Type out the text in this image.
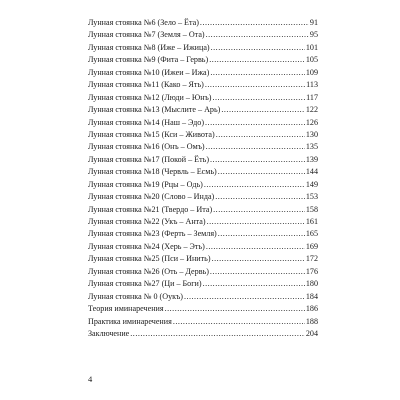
Лунная стоянка №6 (Зело – Ёта) .....	91
Лунная стоянка №7 (Земля – Ота) .....	95
Лунная стоянка №8 (Иже – Ижица) .....	101
Лунная стоянка №9 (Фита – Гервь) .....	105
Лунная стоянка №10 (Ижеи – Ижа) .....	109
Лунная стоянка №11 (Како – Ять) .....	113
Лунная стоянка №12 (Люди – Юнъ) .....	117
Лунная стоянка №13 (Мыслите – Арь) .....	122
Лунная стоянка №14 (Наш – Эдо) .....	126
Лунная стоянка №15 (Кси – Живота) .....	130
Лунная стоянка №16 (Онъ – Омъ) .....	135
Лунная стоянка №17 (Покой – Ёть) .....	139
Лунная стоянка №18 (Червль – Есмь) .....	144
Лунная стоянка №19 (Рцы – Одь) .....	149
Лунная стоянка №20 (Слово – Инда) .....	153
Лунная стоянка №21 (Твердо – Ита) .....	158
Лунная стоянка №22 (Укъ – Анта) .....	161
Лунная стоянка №23 (Ферть – Земля) .....	165
Лунная стоянка №24 (Херь – Эть) .....	169
Лунная стоянка №25 (Пси – Инить) .....	172
Лунная стоянка №26 (Оть – Дервь) .....	176
Лунная стоянка №27 (Ци – Боги) .....	180
Лунная стоянка № 0 (Оукъ) .....	184
Теория иминаречения .....	186
Практика иминаречения .....	188
Заключение .....	204
4
